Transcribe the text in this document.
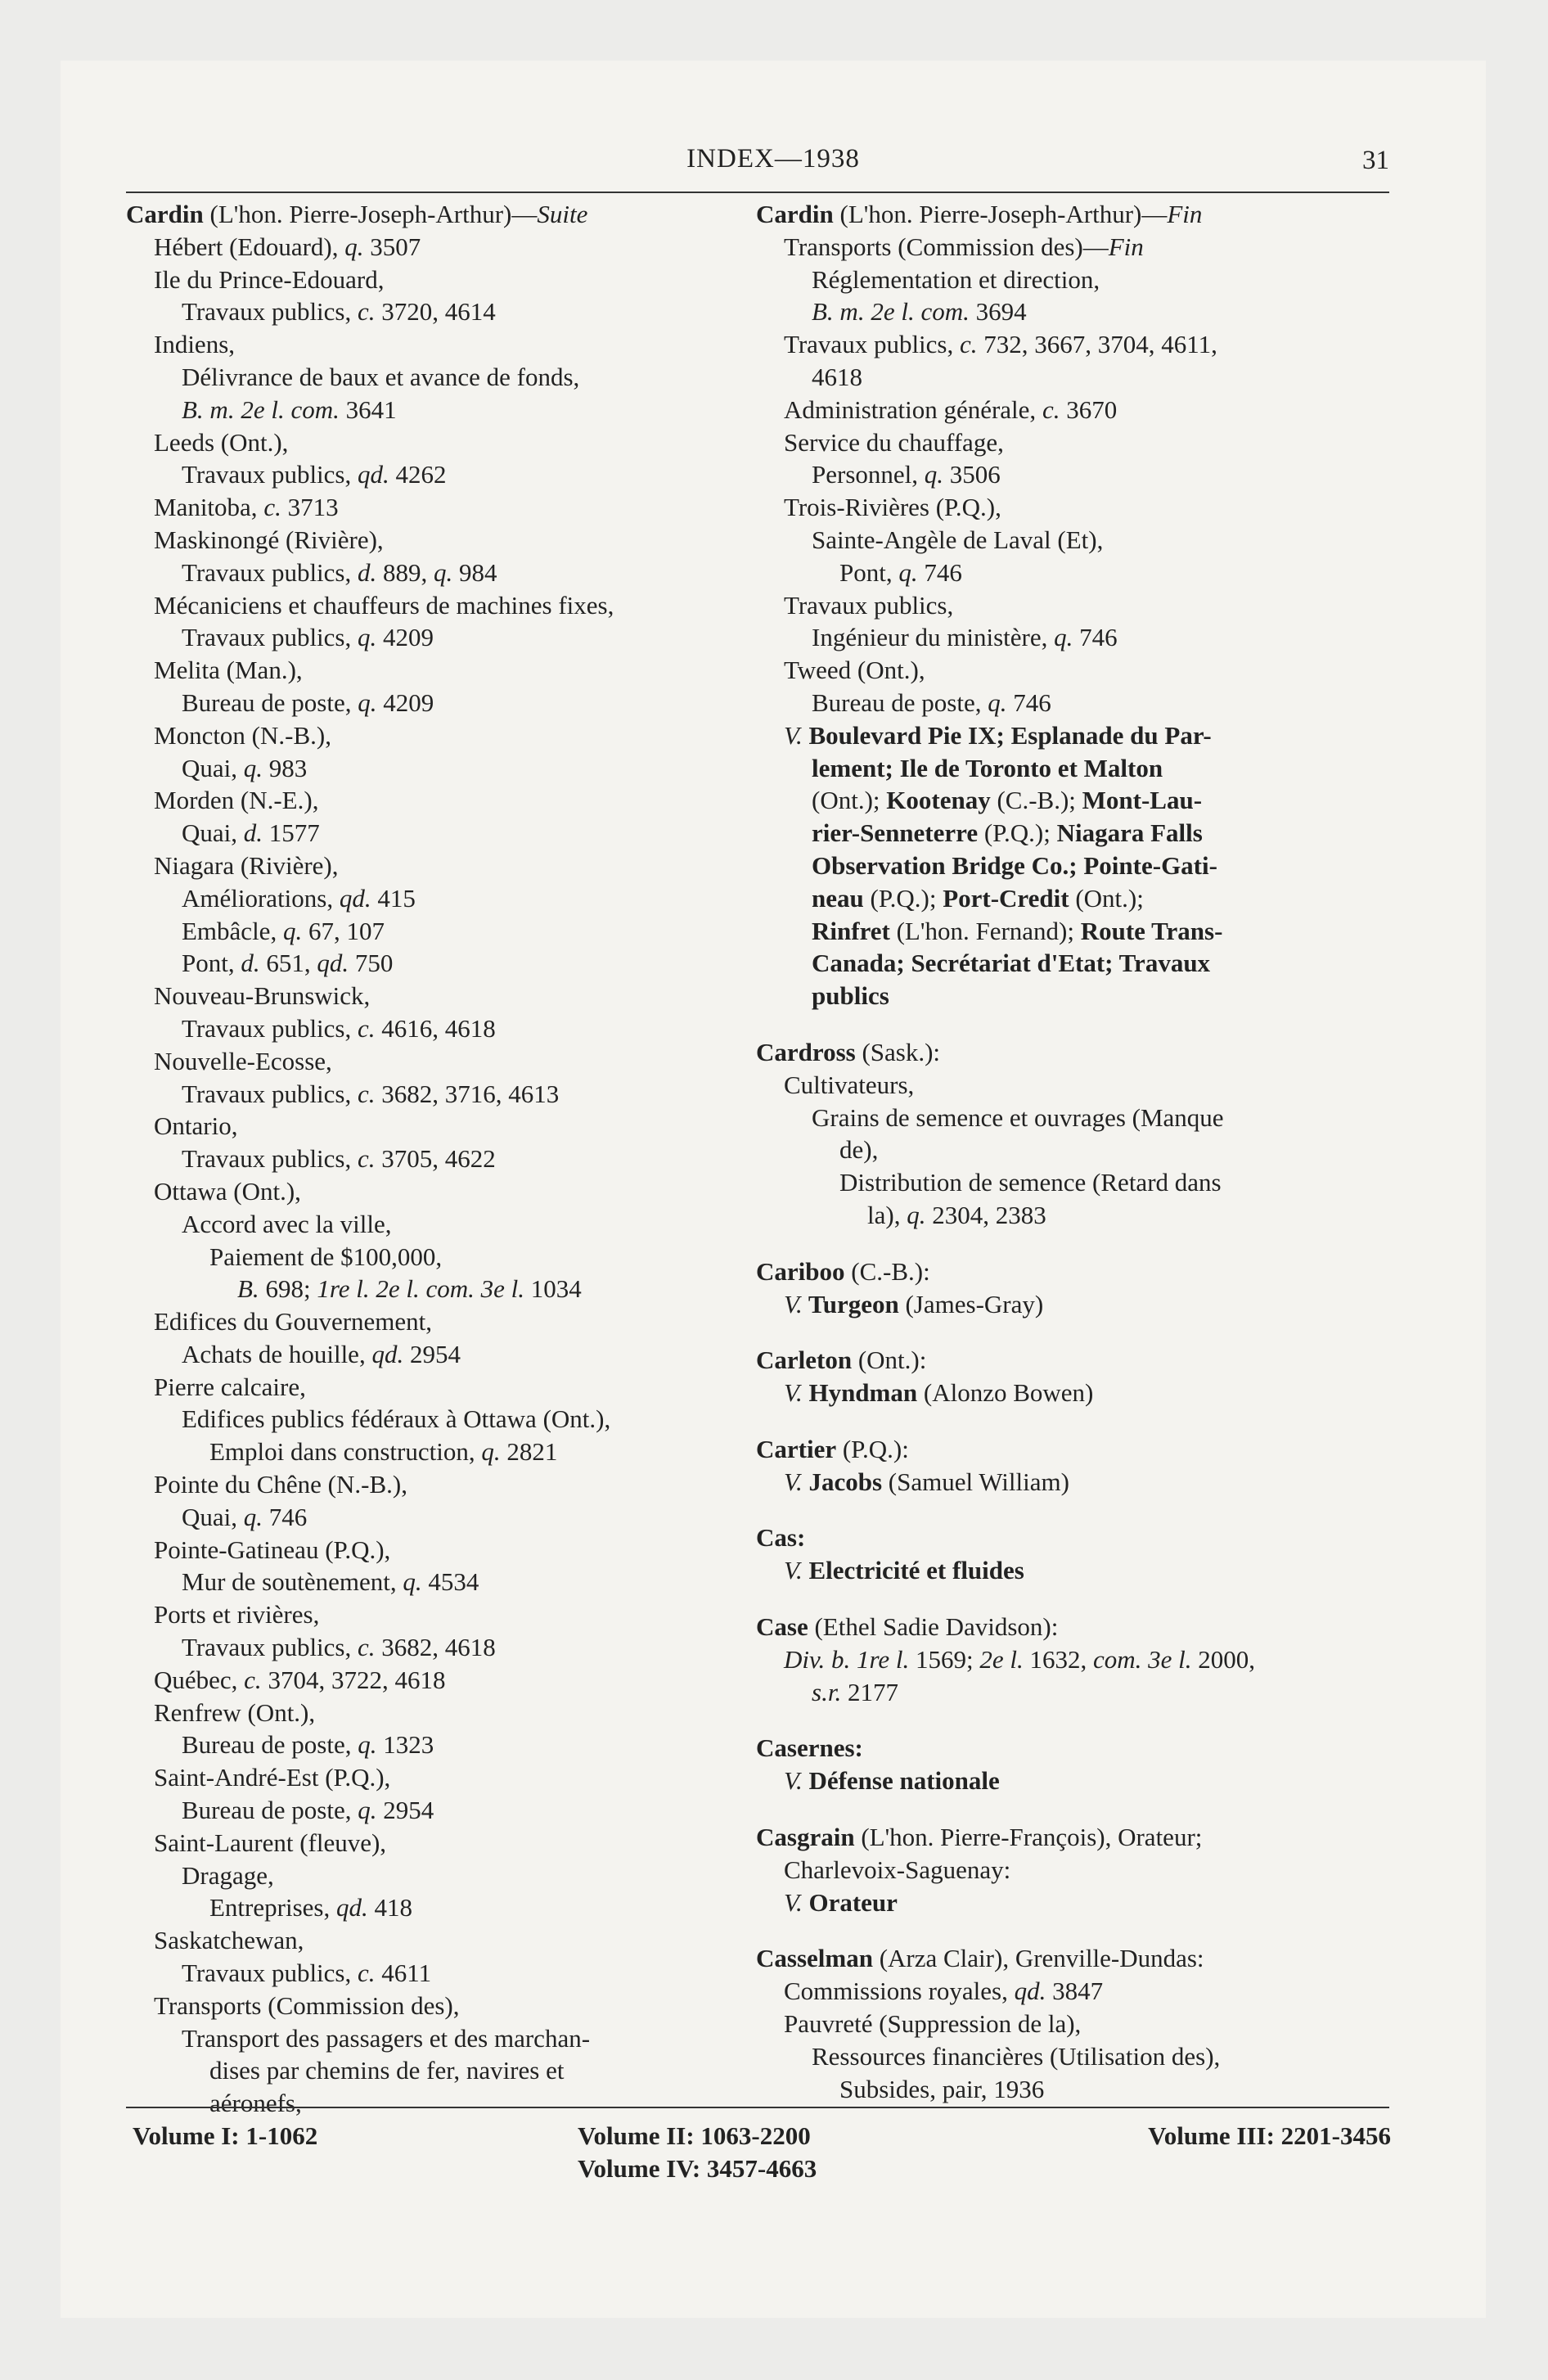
INDEX—1938	31
Cardin (L'hon. Pierre-Joseph-Arthur)—Suite
Hébert (Edouard), q. 3507
Ile du Prince-Edouard,
Travaux publics, c. 3720, 4614
Indiens,
Délivrance de baux et avance de fonds,
B. m. 2e l. com. 3641
Leeds (Ont.),
Travaux publics, qd. 4262
Manitoba, c. 3713
Maskinongé (Rivière),
Travaux publics, d. 889, q. 984
Mécaniciens et chauffeurs de machines fixes,
Travaux publics, q. 4209
Melita (Man.),
Bureau de poste, q. 4209
Moncton (N.-B.),
Quai, q. 983
Morden (N.-E.),
Quai, d. 1577
Niagara (Rivière),
Améliorations, qd. 415
Embâcle, q. 67, 107
Pont, d. 651, qd. 750
Nouveau-Brunswick,
Travaux publics, c. 4616, 4618
Nouvelle-Ecosse,
Travaux publics, c. 3682, 3716, 4613
Ontario,
Travaux publics, c. 3705, 4622
Ottawa (Ont.),
Accord avec la ville,
Paiement de $100,000,
B. 698; 1re l. 2e l. com. 3e l. 1034
Edifices du Gouvernement,
Achats de houille, qd. 2954
Pierre calcaire,
Edifices publics fédéraux à Ottawa (Ont.),
Emploi dans construction, q. 2821
Pointe du Chêne (N.-B.),
Quai, q. 746
Pointe-Gatineau (P.Q.),
Mur de soutènement, q. 4534
Ports et rivières,
Travaux publics, c. 3682, 4618
Québec, c. 3704, 3722, 4618
Renfrew (Ont.),
Bureau de poste, q. 1323
Saint-André-Est (P.Q.),
Bureau de poste, q. 2954
Saint-Laurent (fleuve),
Dragage,
Entreprises, qd. 418
Saskatchewan,
Travaux publics, c. 4611
Transports (Commission des),
Transport des passagers et des marchan-
dises par chemins de fer, navires et
aéronefs,
Cardin (L'hon. Pierre-Joseph-Arthur)—Fin
Transports (Commission des)—Fin
Réglementation et direction,
B. m. 2e l. com. 3694
Travaux publics, c. 732, 3667, 3704, 4611,
4618
Administration générale, c. 3670
Service du chauffage,
Personnel, q. 3506
Trois-Rivières (P.Q.),
Sainte-Angèle de Laval (Et),
Pont, q. 746
Travaux publics,
Ingénieur du ministère, q. 746
Tweed (Ont.),
Bureau de poste, q. 746
V. Boulevard Pie IX; Esplanade du Par-
lement; Ile de Toronto et Malton
(Ont.); Kootenay (C.-B.); Mont-Lau-
rier-Senneterre (P.Q.); Niagara Falls
Observation Bridge Co.; Pointe-Gati-
neau (P.Q.); Port-Credit (Ont.);
Rinfret (L'hon. Fernand); Route Trans-
Canada; Secrétariat d'Etat; Travaux
publics
Cardross (Sask.):
Cultivateurs,
Grains de semence et ouvrages (Manque
de),
Distribution de semence (Retard dans
la), q. 2304, 2383
Cariboo (C.-B.):
V. Turgeon (James-Gray)
Carleton (Ont.):
V. Hyndman (Alonzo Bowen)
Cartier (P.Q.):
V. Jacobs (Samuel William)
Cas:
V. Electricité et fluides
Case (Ethel Sadie Davidson):
Div. b. 1re l. 1569; 2e l. 1632, com. 3e l. 2000,
s.r. 2177
Casernes:
V. Défense nationale
Casgrain (L'hon. Pierre-François), Orateur;
Charlevoix-Saguenay:
V. Orateur
Casselman (Arza Clair), Grenville-Dundas:
Commissions royales, qd. 3847
Pauvreté (Suppression de la),
Ressources financières (Utilisation des),
Subsides, pair, 1936
Volume I: 1-1062	Volume II: 1063-2200
Volume IV: 3457-4663
Volume III: 2201-3456
